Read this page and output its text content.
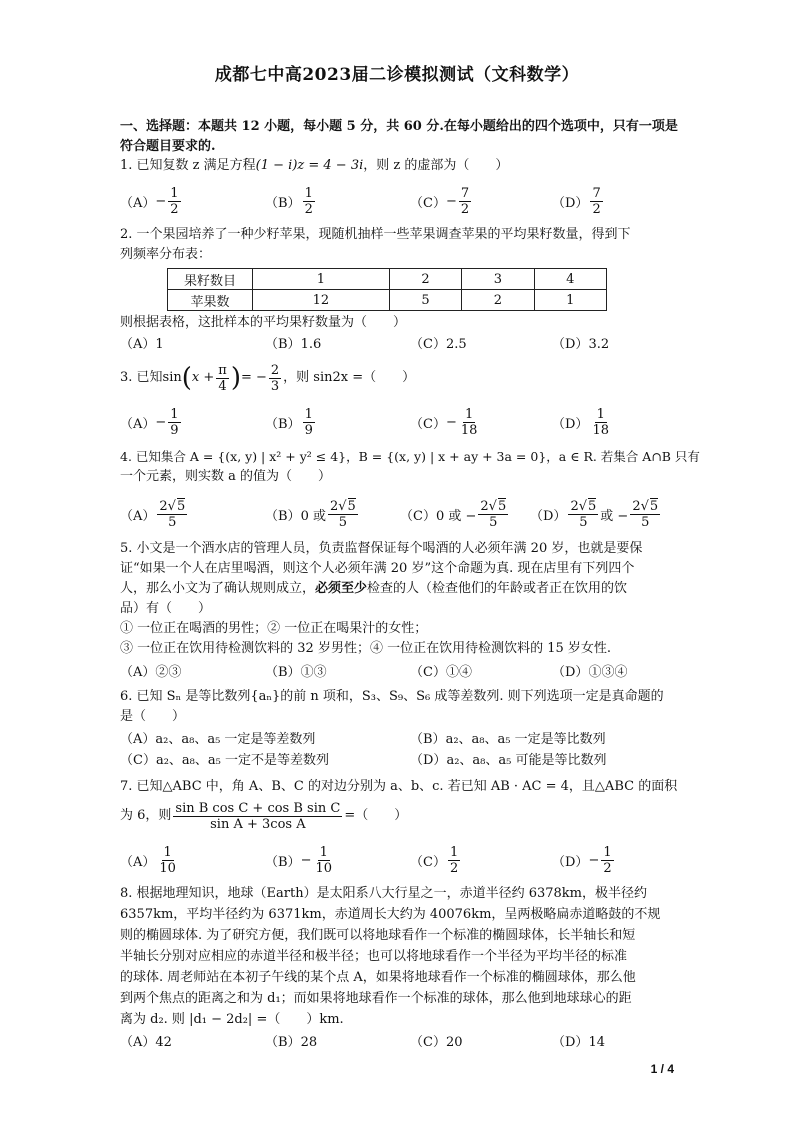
成都七中高2023届二诊模拟测试（文科数学）
一、选择题：本题共 12 小题，每小题 5 分，共 60 分.在每小题给出的四个选项中，只有一项是
符合题目要求的.
1. 已知复数 z 满足方程(1 − i)z = 4 − 3i，则 z 的虚部为（　　）
$(A) - \frac{1}{2}$	$(B) \frac{1}{2}$	$(C) - \frac{7}{2}$	$(D) \frac{7}{2}$
2. 一个果园培养了一种少籽苹果，现随机抽样一些苹果调查苹果的平均果籽数量，得到下
列频率分布表：
果籽数目	1	2	3	4
苹果数	12	5	2	1
则根据表格，这批样本的平均果籽数量为（　　）
（A）1	（B）1.6	（C）2.5	（D）3.2
3. 已知 sin ( $x + \frac{\pi}{4}$ ) = − $\frac{2}{3}$ ，则 sin2x =（　　）
$(A) - \frac{1}{9}$	$(B) \frac{1}{9}$	$(C) - \frac{1}{18}$	$(D) \frac{1}{18}$
4. 已知集合 A = {(x, y) | x² + y² ≤ 4}，B = {(x, y) | x + ay + 3a = 0}，a ∈ R. 若集合 A∩B 只有
一个元素，则实数 a 的值为（　　）
$(A) \frac{2√5}{5}$	（B） 0 或 $\frac{2√5}{5}$	（C） 0 或 − $\frac{2√5}{5} (D) \frac{2√5}{5}$ 或 − $\frac{2√5}{5}$
5. 小文是一个酒水店的管理人员，负责监督保证每个喝酒的人必须年满 20 岁，也就是要保
证“如果一个人在店里喝酒，则这个人必须年满 20 岁”这个命题为真. 现在店里有下列四个
人，那么小文为了确认规则成立，必须至少检查的人（检查他们的年龄或者正在饮用的饮
品）有（　　）
① 一位正在喝酒的男性；② 一位正在喝果汁的女性；
③ 一位正在饮用待检测饮料的 32 岁男性；④ 一位正在饮用待检测饮料的 15 岁女性.
（A）②③	（B）①③	（C）①④	（D）①③④
6. 已知 Sₙ 是等比数列{aₙ}的前 n 项和，S₃、S₉、S₆ 成等差数列. 则下列选项一定是真命题的
是（　　）
（A）a₂、a₈、a₅ 一定是等差数列	（B）a₂、a₈、a₅ 一定是等比数列
（C）a₂、a₈、a₅ 一定不是等差数列	（D）a₂、a₈、a₅ 可能是等比数列
7. 已知△ABC 中，角 A、B、C 的对边分别为 a、b、c. 若已知 AB · AC = 4，且△ABC 的面积
为 6，则 $\frac{\text{sin B cos C + cos B sin C}}{\text{sin A + 3cos A}}$ =（　　）
$(A) \frac{1}{10}$	$(B) - \frac{1}{10}$	$(C) \frac{1}{2}$	$(D) - \frac{1}{2}$
8. 根据地理知识，地球（Earth）是太阳系八大行星之一，赤道半径约 6378km，极半径约
6357km，平均半径约为 6371km，赤道周长大约为 40076km，呈两极略扁赤道略鼓的不规
则的椭圆球体. 为了研究方便，我们既可以将地球看作一个标准的椭圆球体，长半轴长和短
半轴长分别对应相应的赤道半径和极半径；也可以将地球看作一个半径为平均半径的标准
的球体. 周老师站在本初子午线的某个点 A，如果将地球看作一个标准的椭圆球体，那么他
到两个焦点的距离之和为 d₁；而如果将地球看作一个标准的球体，那么他到地球球心的距
离为 d₂. 则 |d₁ − 2d₂| =（　　）km.
（A）42	（B）28	（C）20	（D）14
1 / 4
